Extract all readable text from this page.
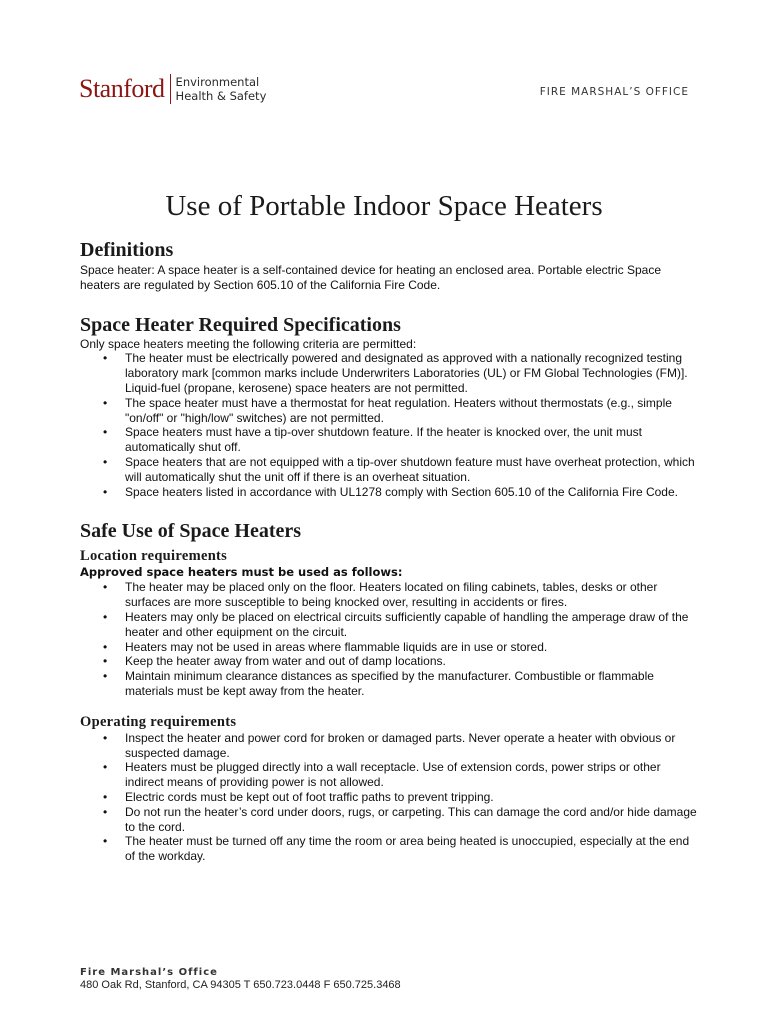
Stanford Environmental
Health & Safety	FIRE MARSHAL’S OFFICE
Use of Portable Indoor Space Heaters
Definitions

Space heater: A space heater is a self-contained device for heating an enclosed area. Portable electric Space heaters are regulated by Section 605.10 of the California Fire Code.

Space Heater Required Specifications

Only space heaters meeting the following criteria are permitted:

• The heater must be electrically powered and designated as approved with a nationally recognized testing laboratory mark [common marks include Underwriters Laboratories (UL) or FM Global Technologies (FM)]. Liquid-fuel (propane, kerosene) space heaters are not permitted.
• The space heater must have a thermostat for heat regulation. Heaters without thermostats (e.g., simple "on/off" or "high/low" switches) are not permitted.
• Space heaters must have a tip-over shutdown feature. If the heater is knocked over, the unit must automatically shut off.
• Space heaters that are not equipped with a tip-over shutdown feature must have overheat protection, which will automatically shut the unit off if there is an overheat situation.
• Space heaters listed in accordance with UL1278 comply with Section 605.10 of the California Fire Code.
Safe Use of Space Heaters
Location requirements
Approved space heaters must be used as follows:
• The heater may be placed only on the floor. Heaters located on filing cabinets, tables, desks or other surfaces are more susceptible to being knocked over, resulting in accidents or fires.
• Heaters may only be placed on electrical circuits sufficiently capable of handling the amperage draw of the heater and other equipment on the circuit.
• Heaters may not be used in areas where flammable liquids are in use or stored.
• Keep the heater away from water and out of damp locations.
• Maintain minimum clearance distances as specified by the manufacturer. Combustible or flammable materials must be kept away from the heater.
Operating requirements
• Inspect the heater and power cord for broken or damaged parts. Never operate a heater with obvious or suspected damage.
• Heaters must be plugged directly into a wall receptacle. Use of extension cords, power strips or other indirect means of providing power is not allowed.
• Electric cords must be kept out of foot traffic paths to prevent tripping.
• Do not run the heater’s cord under doors, rugs, or carpeting. This can damage the cord and/or hide damage to the cord.
• The heater must be turned off any time the room or area being heated is unoccupied, especially at the end of the workday.
Fire Marshal’s Office
480 Oak Rd, Stanford, CA 94305 T 650.723.0448 F 650.725.3468
